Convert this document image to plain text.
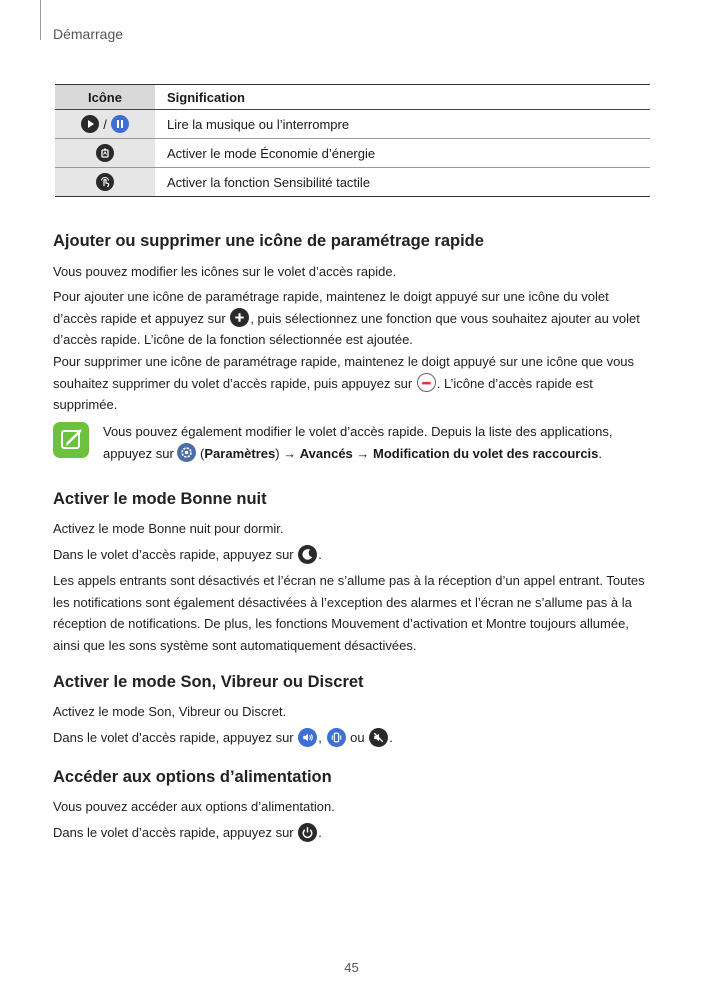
Démarrage
Icône	Signification

/	Lire la musique ou l’interrompre

	Activer le mode Économie d’énergie

	Activer la fonction Sensibilité tactile
Ajouter ou supprimer une icône de paramétrage rapide
Vous pouvez modifier les icônes sur le volet d’accès rapide.
Pour ajouter une icône de paramétrage rapide, maintenez le doigt appuyé sur une icône du volet d’accès rapide et appuyez sur
, puis sélectionnez une fonction que vous souhaitez ajouter au volet d’accès rapide. L’icône de la fonction sélectionnée est ajoutée.
Pour supprimer une icône de paramétrage rapide, maintenez le doigt appuyé sur une icône que vous souhaitez supprimer du volet d’accès rapide, puis appuyez sur
. L’icône d’accès rapide est supprimée.
Vous pouvez également modifier le volet d’accès rapide. Depuis la liste des applications, appuyez sur
(Paramètres) → Avancés → Modification du volet des raccourcis.
Activer le mode Bonne nuit
Activez le mode Bonne nuit pour dormir.
Dans le volet d’accès rapide, appuyez sur
.
Les appels entrants sont désactivés et l’écran ne s’allume pas à la réception d’un appel entrant. Toutes les notifications sont également désactivées à l’exception des alarmes et l’écran ne s’allume pas à la réception de notifications. De plus, les fonctions Mouvement d’activation et Montre toujours allumée, ainsi que les sons système sont automatiquement désactivées.
Activer le mode Son, Vibreur ou Discret
Activez le mode Son, Vibreur ou Discret.
Dans le volet d’accès rapide, appuyez sur
,
ou
.
Accéder aux options d’alimentation
Vous pouvez accéder aux options d’alimentation.
Dans le volet d’accès rapide, appuyez sur
.
45
